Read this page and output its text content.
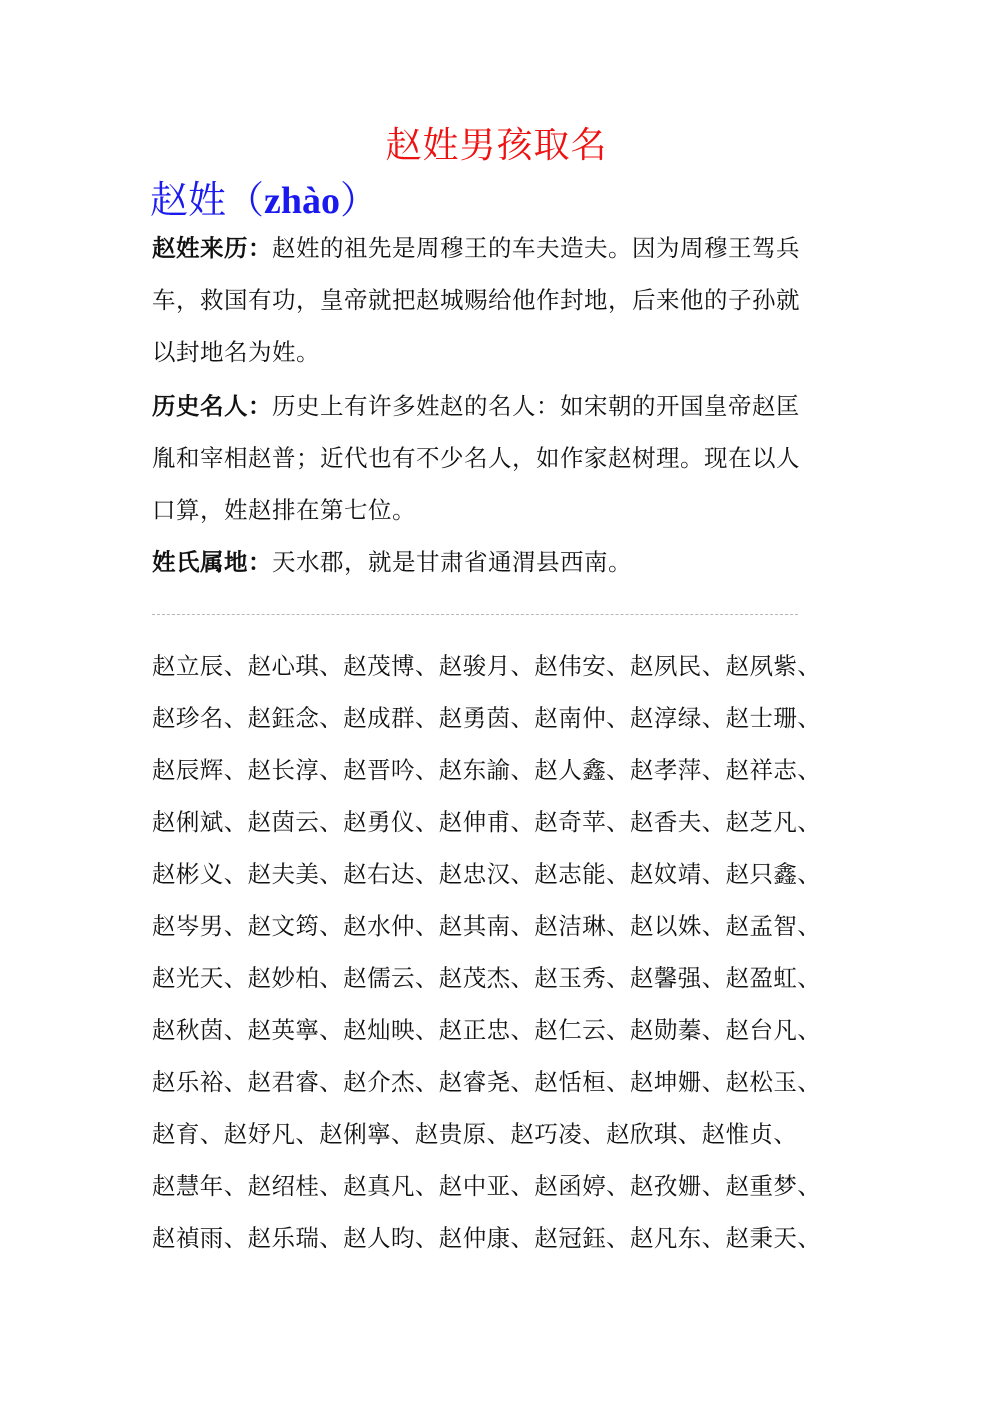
赵姓男孩取名
赵姓（zhào）
赵姓来历：赵姓的祖先是周穆王的车夫造夫。因为周穆王驾兵
车，救国有功，皇帝就把赵城赐给他作封地，后来他的子孙就
以封地名为姓。
历史名人：历史上有许多姓赵的名人：如宋朝的开国皇帝赵匡
胤和宰相赵普；近代也有不少名人，如作家赵树理。现在以人
口算，姓赵排在第七位。
姓氏属地：天水郡，就是甘肃省通渭县西南。
赵立辰、赵心琪、赵茂博、赵骏月、赵伟安、赵夙民、赵夙紫、
赵珍名、赵鈺念、赵成群、赵勇茵、赵南仲、赵淳绿、赵士珊、
赵辰辉、赵长淳、赵晋吟、赵东諭、赵人鑫、赵孝萍、赵祥志、
赵俐斌、赵茵云、赵勇仪、赵伸甫、赵奇苹、赵香夫、赵芝凡、
赵彬义、赵夫美、赵右达、赵忠汉、赵志能、赵妏靖、赵只鑫、
赵岑男、赵文筠、赵水仲、赵其南、赵洁琳、赵以姝、赵孟智、
赵光天、赵妙柏、赵儒云、赵茂杰、赵玉秀、赵馨强、赵盈虹、
赵秋茵、赵英寧、赵灿映、赵正忠、赵仁云、赵勋蓁、赵台凡、
赵乐裕、赵君睿、赵介杰、赵睿尧、赵恬桓、赵坤姗、赵松玉、
赵育、赵妤凡、赵俐寧、赵贵原、赵巧凌、赵欣琪、赵惟贞、
赵慧年、赵绍桂、赵真凡、赵中亚、赵函婷、赵孜姗、赵重梦、
赵禎雨、赵乐瑞、赵人昀、赵仲康、赵冠鈺、赵凡东、赵秉天、
